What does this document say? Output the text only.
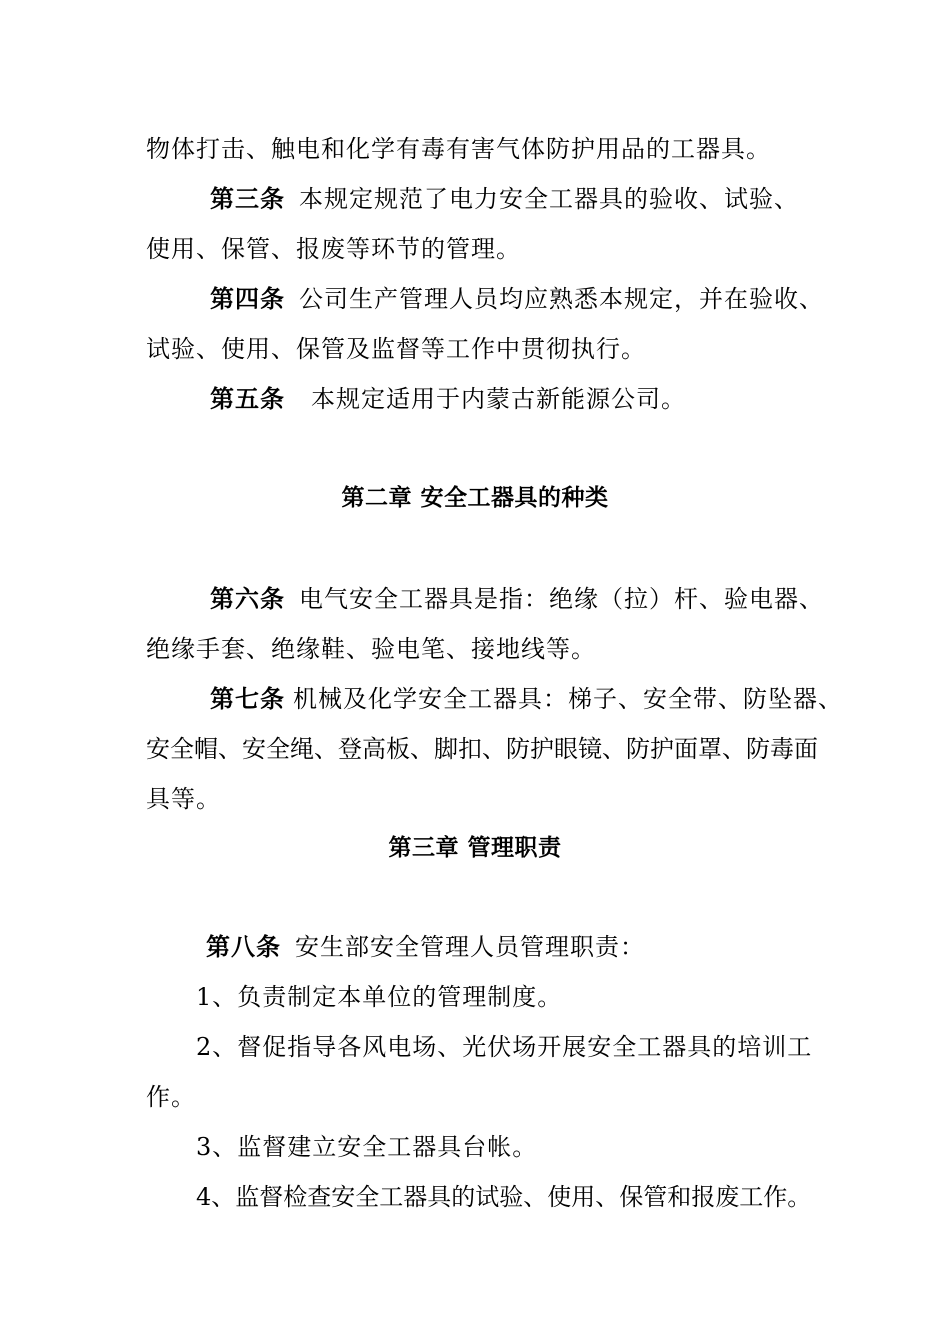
物体打击、触电和化学有毒有害气体防护用品的工器具。
第三条 本规定规范了电力安全工器具的验收、试验、
使用、保管、报废等环节的管理。
第四条 公司生产管理人员均应熟悉本规定，并在验收、
试验、使用、保管及监督等工作中贯彻执行。
第五条 本规定适用于内蒙古新能源公司。
第二章 安全工器具的种类
第六条 电气安全工器具是指：绝缘（拉）杆、验电器、
绝缘手套、绝缘鞋、验电笔、接地线等。
第七条 机械及化学安全工器具：梯子、安全带、防坠器、
安全帽、安全绳、登高板、脚扣、防护眼镜、防护面罩、防毒面
具等。
第三章 管理职责
第八条 安生部安全管理人员管理职责：
1、负责制定本单位的管理制度。
2、督促指导各风电场、光伏场开展安全工器具的培训工
作。
3、监督建立安全工器具台帐。
4、监督检查安全工器具的试验、使用、保管和报废工作。
